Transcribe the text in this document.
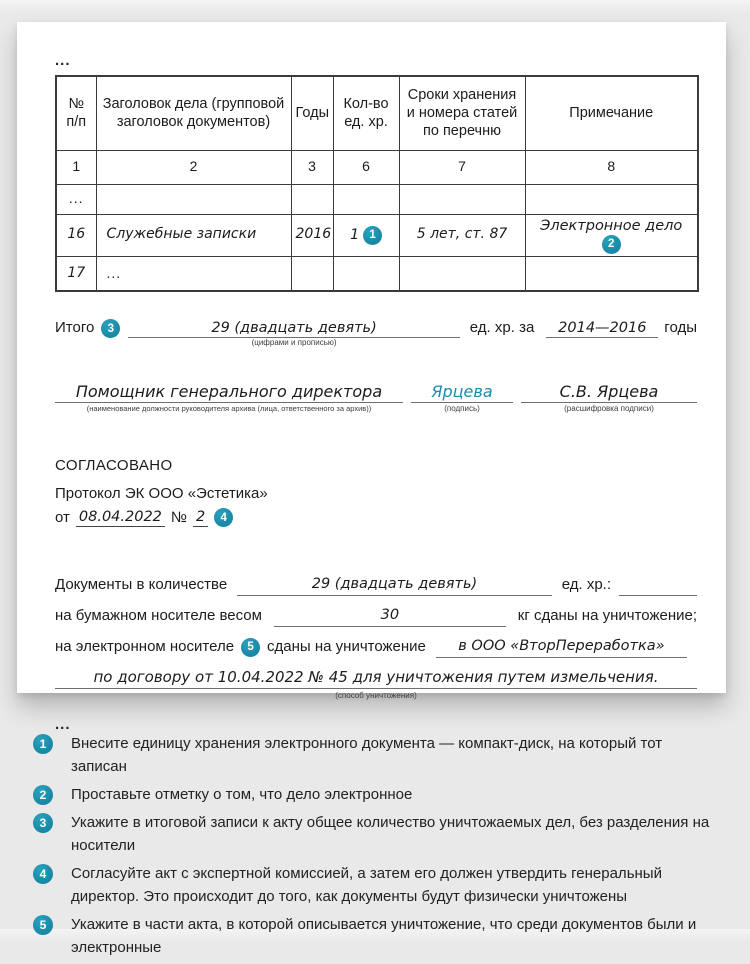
...
№ п/п	Заголовок дела (групповой заголовок документов)	Годы	Кол-во ед. хр.	Сроки хранения и номера статей по перечню	Примечание
1	2	3	6	7	8
...					
16	Служебные записки	2016	1 1	5 лет, ст. 87	Электронное дело 2
17	...				
Итого	3	29 (двадцать девять)
(цифрами и прописью)
ед. хр. за	2014—2016	годы
Помощник генерального директора
(наименование должности руководителя архива (лица, ответственного за архив))
Ярцева
(подпись)
С.В. Ярцева
(расшифровка подписи)
СОГЛАСОВАНО
Протокол ЭК ООО «Эстетика»
от 08.04.2022 № 2	4
Документы в количестве	29 (двадцать девять)	ед. хр.:
на бумажном носителе весом	30	кг сданы на уничтожение;
на электронном носителе	5 сданы на уничтожение в ООО «ВторПереработка»
по договору от 10.04.2022 № 45 для уничтожения путем измельчения.
(способ уничтожения)
...
1	Внесите единицу хранения электронного документа — компакт-диск, на который тот записан
2	Проставьте отметку о том, что дело электронное
3	Укажите в итоговой записи к акту общее количество уничтожаемых дел, без разделения на носители
4	Согласуйте акт с экспертной комиссией, а затем его должен утвердить генеральный директор. Это происходит до того, как документы будут физически уничтожены
5	Укажите в части акта, в которой описывается уничтожение, что среди документов были и электронные
